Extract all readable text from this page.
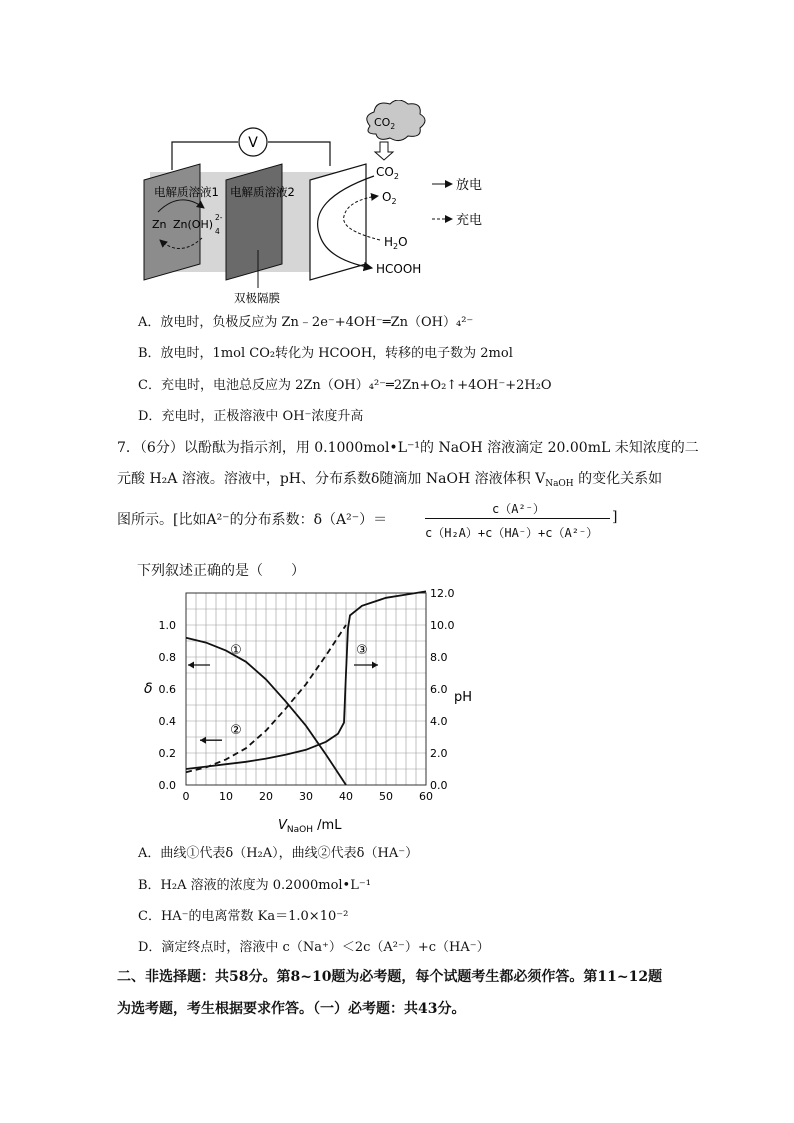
V
电解质溶液1 电解质溶液2
Zn Zn(OH)
2-
4
$CO_2$
$CO_2$
$O_2$
$H_2O$
HCOOH
双极隔膜
放电
充电
A．放电时，负极反应为 Zn﹣2e⁻+4OH⁻═Zn（OH）₄²⁻
B．放电时，1mol CO₂转化为 HCOOH，转移的电子数为 2mol
C．充电时，电池总反应为 2Zn（OH）₄²⁻═2Zn+O₂↑+4OH⁻+2H₂O
D．充电时，正极溶液中 OH⁻浓度升高
7．（6分）以酚酞为指示剂，用 0.1000mol•L⁻¹的 NaOH 溶液滴定 20.00mL 未知浓度的二
元酸 H₂A 溶液。溶液中，pH、分布系数δ随滴加 NaOH 溶液体积 $V_{NaOH}$ 的变化关系如
图所示。[比如A²⁻的分布系数：δ（A²⁻）＝
c（A²⁻）
c（H₂A）+c（HA⁻）+c（A²⁻）
]
下列叙述正确的是（　　）
0	10 20 30 40 50 60
0.0
0.2
0.4
0.6
0.8
1.0
0.0
2.0
4.0
6.0
8.0
10.0
12.0
δ
pH
$V_{NaOH}$ /mL
①
②
③
A．曲线①代表δ（H₂A），曲线②代表δ（HA⁻）
B．H₂A 溶液的浓度为 0.2000mol•L⁻¹
C．HA⁻的电离常数 Ka＝1.0×10⁻²
D．滴定终点时，溶液中 c（Na⁺）＜2c（A²⁻）+c（HA⁻）
二、非选择题：共58分。第8~10题为必考题，每个试题考生都必须作答。第11~12题
为选考题，考生根据要求作答。（一）必考题：共43分。
